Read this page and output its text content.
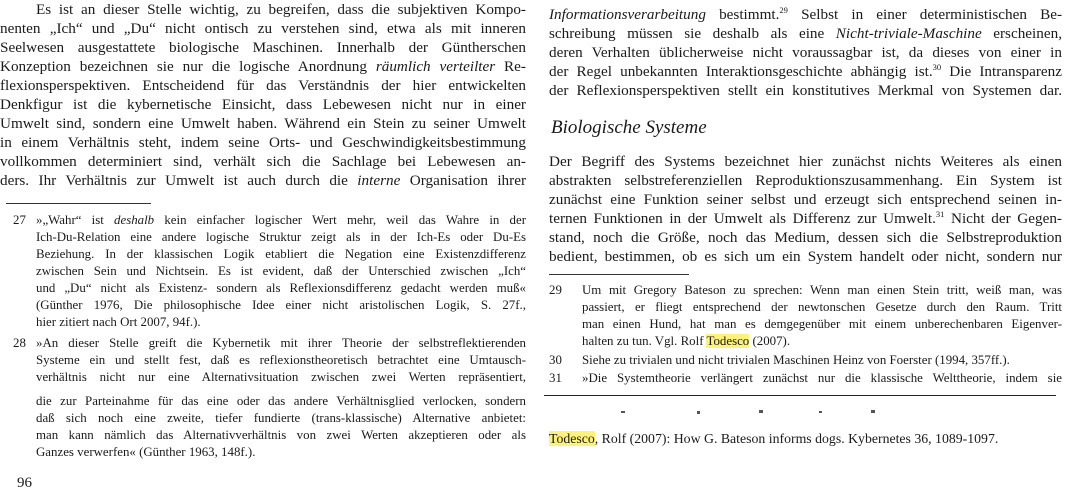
Es ist an dieser Stelle wichtig, zu begreifen, dass die subjektiven Kompo-
nenten „Ich“ und „Du“ nicht ontisch zu verstehen sind, etwa als mit inneren
Seelwesen ausgestattete biologische Maschinen. Innerhalb der Güntherschen
Konzeption bezeichnen sie nur die logische Anordnung räumlich verteilter Re-
flexionsperspektiven. Entscheidend für das Verständnis der hier entwickelten
Denkfigur ist die kybernetische Einsicht, dass Lebewesen nicht nur in einer
Umwelt sind, sondern eine Umwelt haben. Während ein Stein zu seiner Umwelt
in einem Verhältnis steht, indem seine Orts- und Geschwindigkeitsbestimmung
vollkommen determiniert sind, verhält sich die Sachlage bei Lebewesen an-
ders. Ihr Verhältnis zur Umwelt ist auch durch die interne Organisation ihrer
27 »„Wahr“ ist deshalb kein einfacher logischer Wert mehr, weil das Wahre in der
Ich-Du-Relation eine andere logische Struktur zeigt als in der Ich-Es oder Du-Es
Beziehung. In der klassischen Logik etabliert die Negation eine Existenzdifferenz
zwischen Sein und Nichtsein. Es ist evident, daß der Unterschied zwischen „Ich“
und „Du“ nicht als Existenz- sondern als Reflexionsdifferenz gedacht werden muß«
(Günther 1976, Die philosophische Idee einer nicht aristolischen Logik, S. 27f.,
hier zitiert nach Ort 2007, 94f.).
28 »An dieser Stelle greift die Kybernetik mit ihrer Theorie der selbstreflektierenden
Systeme ein und stellt fest, daß es reflexionstheoretisch betrachtet eine Umtausch-
verhältnis nicht nur eine Alternativsituation zwischen zwei Werten repräsentiert,
die zur Parteinahme für das eine oder das andere Verhältnisglied verlocken, sondern
daß sich noch eine zweite, tiefer fundierte (trans-klassische) Alternative anbietet:
man kann nämlich das Alternativverhältnis von zwei Werten akzeptieren oder als
Ganzes verwerfen« (Günther 1963, 148f.).
96
Informationsverarbeitung bestimmt.$^{29}$ Selbst in einer deterministischen Be-
schreibung müssen sie deshalb als eine Nicht-triviale-Maschine erscheinen,
deren Verhalten üblicherweise nicht voraussagbar ist, da dieses von einer in
der Regel unbekannten Interaktionsgeschichte abhängig ist.$^{30}$ Die Intransparenz
der Reflexionsperspektiven stellt ein konstitutives Merkmal von Systemen dar.
Biologische Systeme
Der Begriff des Systems bezeichnet hier zunächst nichts Weiteres als einen
abstrakten selbstreferenziellen Reproduktionszusammenhang. Ein System ist
zunächst eine Funktion seiner selbst und erzeugt sich entsprechend seinen in-
ternen Funktionen in der Umwelt als Differenz zur Umwelt.$^{31}$ Nicht der Gegen-
stand, noch die Größe, noch das Medium, dessen sich die Selbstreproduktion
bedient, bestimmen, ob es sich um ein System handelt oder nicht, sondern nur
29 Um mit Gregory Bateson zu sprechen: Wenn man einen Stein tritt, weiß man, was
passiert, er fliegt entsprechend der newtonschen Gesetze durch den Raum. Tritt
man einen Hund, hat man es demgegenüber mit einem unberechenbaren Eigenver-
halten zu tun. Vgl. Rolf Todesco (2007).
30 Siehe zu trivialen und nicht trivialen Maschinen Heinz von Foerster (1994, 357ff.).
31 »Die Systemtheorie verlängert zunächst nur die klassische Welttheorie, indem sie
Todesco, Rolf (2007): How G. Bateson informs dogs. Kybernetes 36, 1089-1097.
